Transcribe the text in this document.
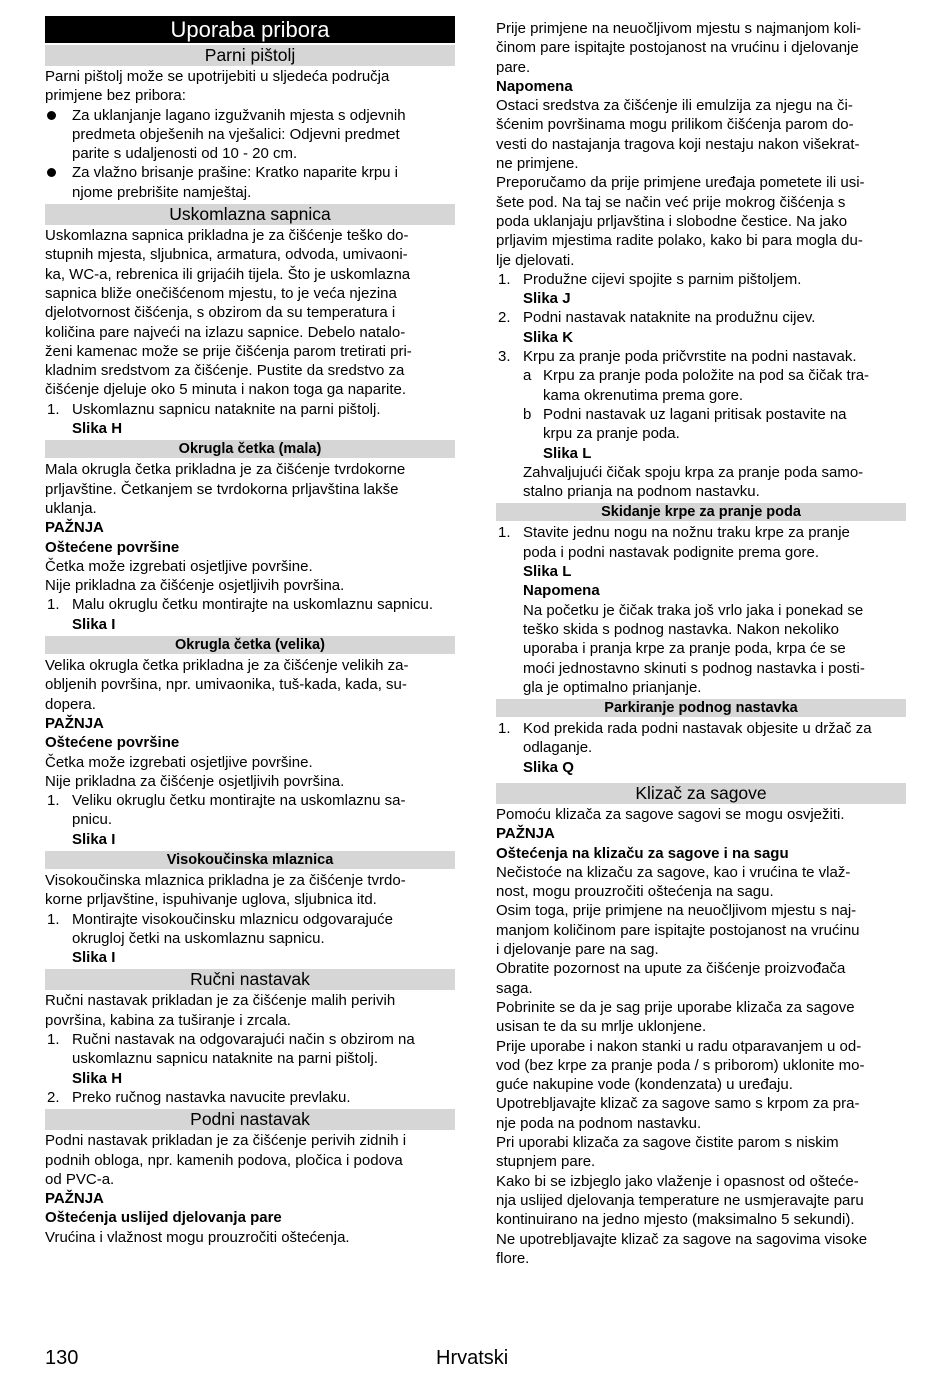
Uporaba pribora
Parni pištolj
Parni pištolj može se upotrijebiti u sljedeća područja
primjene bez pribora:
Za uklanjanje lagano izgužvanih mjesta s odjevnih
predmeta obješenih na vješalici: Odjevni predmet
parite s udaljenosti od 10 - 20 cm.
Za vlažno brisanje prašine: Kratko naparite krpu i
njome prebrišite namještaj.
Uskomlazna sapnica
Uskomlazna sapnica prikladna je za čišćenje teško do-
stupnih mjesta, sljubnica, armatura, odvoda, umivaoni-
ka, WC-a, rebrenica ili grijaćih tijela. Što je uskomlazna
sapnica bliže onečišćenom mjestu, to je veća njezina
djelotvornost čišćenja, s obzirom da su temperatura i
količina pare najveći na izlazu sapnice. Debelo natalo-
ženi kamenac može se prije čišćenja parom tretirati pri-
kladnim sredstvom za čišćenje. Pustite da sredstvo za
čišćenje djeluje oko 5 minuta i nakon toga ga naparite.
1. Uskomlaznu sapnicu nataknite na parni pištolj.
Slika H
Okrugla četka (mala)
Mala okrugla četka prikladna je za čišćenje tvrdokorne
prljavštine. Četkanjem se tvrdokorna prljavština lakše
uklanja.
PAŽNJA
Oštećene površine
Četka može izgrebati osjetljive površine.
Nije prikladna za čišćenje osjetljivih površina.
1. Malu okruglu četku montirajte na uskomlaznu sapnicu.
Slika I
Okrugla četka (velika)
Velika okrugla četka prikladna je za čišćenje velikih za-
obljenih površina, npr. umivaonika, tuš-kada, kada, su-
dopera.
PAŽNJA
Oštećene površine
Četka može izgrebati osjetljive površine.
Nije prikladna za čišćenje osjetljivih površina.
1. Veliku okruglu četku montirajte na uskomlaznu sa-
pnicu.
Slika I
Visokoučinska mlaznica
Visokoučinska mlaznica prikladna je za čišćenje tvrdo-
korne prljavštine, ispuhivanje uglova, sljubnica itd.
1. Montirajte visokoučinsku mlaznicu odgovarajuće
okrugloj četki na uskomlaznu sapnicu.
Slika I
Ručni nastavak
Ručni nastavak prikladan je za čišćenje malih perivih
površina, kabina za tuširanje i zrcala.
1. Ručni nastavak na odgovarajući način s obzirom na
uskomlaznu sapnicu nataknite na parni pištolj.
Slika H
2. Preko ručnog nastavka navucite prevlaku.
Podni nastavak
Podni nastavak prikladan je za čišćenje perivih zidnih i
podnih obloga, npr. kamenih podova, pločica i podova
od PVC-a.
PAŽNJA
Oštećenja uslijed djelovanja pare
Vrućina i vlažnost mogu prouzročiti oštećenja.
Prije primjene na neuočljivom mjestu s najmanjom koli-
činom pare ispitajte postojanost na vrućinu i djelovanje
pare.
Napomena
Ostaci sredstva za čišćenje ili emulzija za njegu na či-
šćenim površinama mogu prilikom čišćenja parom do-
vesti do nastajanja tragova koji nestaju nakon višekrat-
ne primjene.
Preporučamo da prije primjene uređaja pometete ili usi-
šete pod. Na taj se način već prije mokrog čišćenja s
poda uklanjaju prljavština i slobodne čestice. Na jako
prljavim mjestima radite polako, kako bi para mogla du-
lje djelovati.
1. Produžne cijevi spojite s parnim pištoljem.
Slika J
2. Podni nastavak nataknite na produžnu cijev.
Slika K
3. Krpu za pranje poda pričvrstite na podni nastavak.
a Krpu za pranje poda položite na pod sa čičak tra-
kama okrenutima prema gore.
b Podni nastavak uz lagani pritisak postavite na
krpu za pranje poda.
Slika L
Zahvaljujući čičak spoju krpa za pranje poda samo-
stalno prianja na podnom nastavku.
Skidanje krpe za pranje poda
1. Stavite jednu nogu na nožnu traku krpe za pranje
poda i podni nastavak podignite prema gore.
Slika L
Napomena
Na početku je čičak traka još vrlo jaka i ponekad se
teško skida s podnog nastavka. Nakon nekoliko
uporaba i pranja krpe za pranje poda, krpa će se
moći jednostavno skinuti s podnog nastavka i posti-
gla je optimalno prianjanje.
Parkiranje podnog nastavka
1. Kod prekida rada podni nastavak objesite u držač za
odlaganje.
Slika Q
Klizač za sagove
Pomoću klizača za sagove sagovi se mogu osvježiti.
PAŽNJA
Oštećenja na klizaču za sagove i na sagu
Nečistoće na klizaču za sagove, kao i vrućina te vlaž-
nost, mogu prouzročiti oštećenja na sagu.
Osim toga, prije primjene na neuočljivom mjestu s naj-
manjom količinom pare ispitajte postojanost na vrućinu
i djelovanje pare na sag.
Obratite pozornost na upute za čišćenje proizvođača
saga.
Pobrinite se da je sag prije uporabe klizača za sagove
usisan te da su mrlje uklonjene.
Prije uporabe i nakon stanki u radu otparavanjem u od-
vod (bez krpe za pranje poda / s priborom) uklonite mo-
guće nakupine vode (kondenzata) u uređaju.
Upotrebljavajte klizač za sagove samo s krpom za pra-
nje poda na podnom nastavku.
Pri uporabi klizača za sagove čistite parom s niskim
stupnjem pare.
Kako bi se izbjeglo jako vlaženje i opasnost od ošteće-
nja uslijed djelovanja temperature ne usmjeravajte paru
kontinuirano na jedno mjesto (maksimalno 5 sekundi).
Ne upotrebljavajte klizač za sagove na sagovima visoke
flore.
130	Hrvatski
